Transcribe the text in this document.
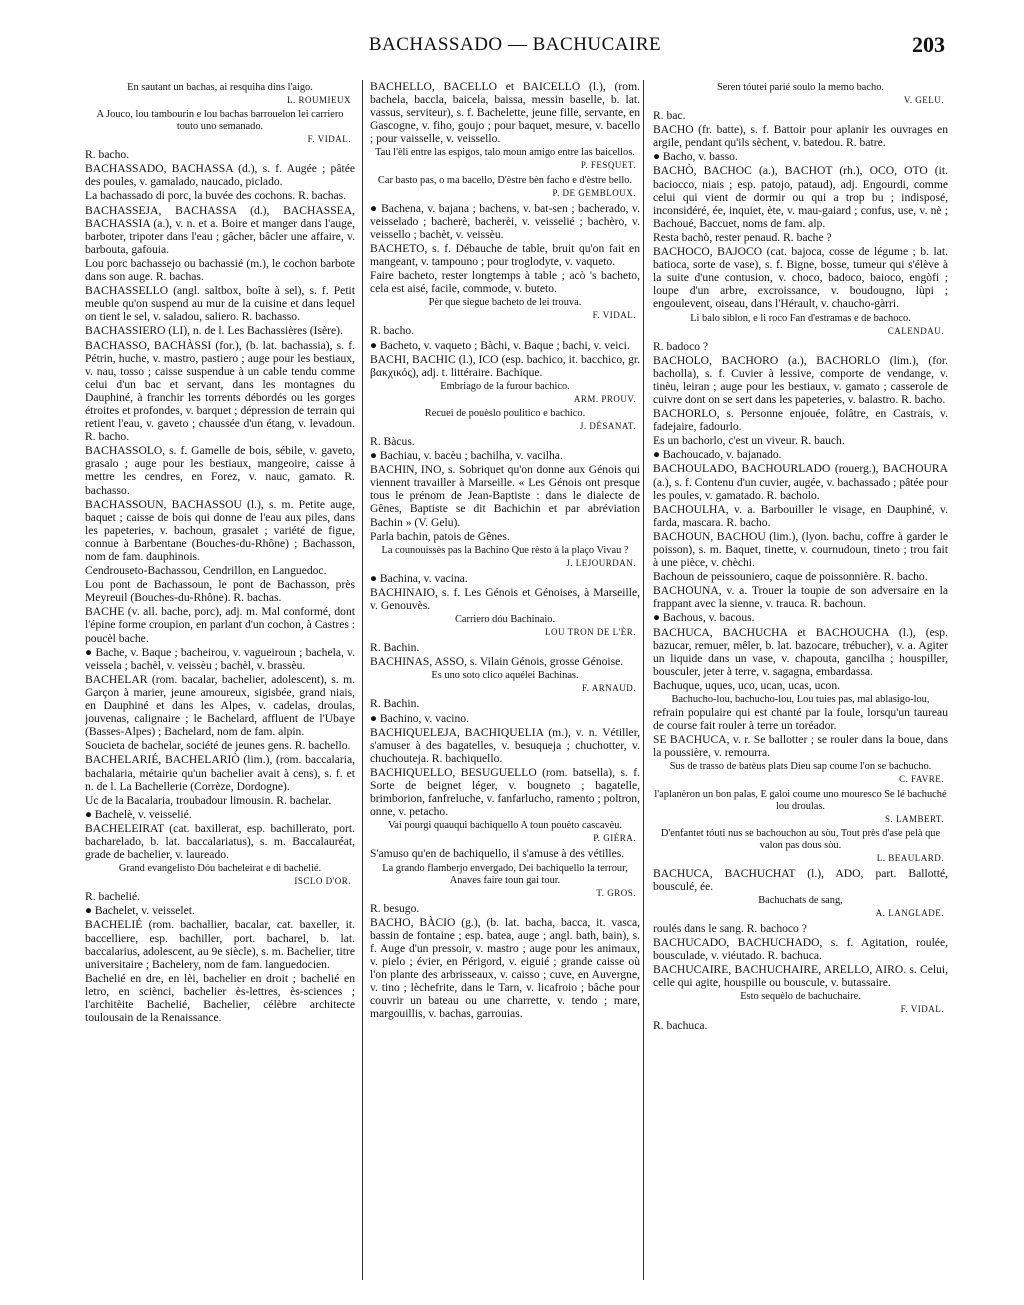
BACHASSADO — BACHUCAIRE	203
En sautant un bachas, ai resquiha dins l'aigo.
L. ROUMIEUX
A Jouco, lou tambourin e lou bachas barrouelon lei carriero touto uno semanado.
F. VIDAL.
R. bacho.
BACHASSADO, BACHASSA (d.), s. f. Augée ; pâtée des poules, v. gamalado, naucado, piclado.
La bachassado di porc, la buvée des cochons. R. bachas.
BACHASSEJA, BACHASSA (d.), BACHASSEA, BACHASSIA (a.), v. n. et a. Boire et manger dans l'auge, barboter, tripoter dans l'eau ; gâcher, bâcler une affaire, v. barbouta, gafouia.
Lou porc bachassejo ou bachassié (m.), le cochon barbote dans son auge. R. bachas.
BACHASSELLO (angl. saltbox, boîte à sel), s. f. Petit meuble qu'on suspend au mur de la cuisine et dans lequel on tient le sel, v. saladou, saliero. R. bachasso.
BACHASSIERO (LI), n. de l. Les Bachassières (Isère).
BACHASSO, BACHÀSSI (for.), (b. lat. bachassia), s. f. Pétrin, huche, v. mastro, pastiero ; auge pour les bestiaux, v. nau, tosso ; caisse suspendue à un cable tendu comme celui d'un bac et servant, dans les montagnes du Dauphiné, à franchir les torrents débordés ou les gorges étroites et profondes, v. barquet ; dépression de terrain qui retient l'eau, v. gaveto ; chaussée d'un étang, v. levadoun. R. bacho.
BACHASSOLO, s. f. Gamelle de bois, sébile, v. gaveto, grasalo ; auge pour les bestiaux, mangeoire, caisse à mettre les cendres, en Forez, v. nauc, gamato. R. bachasso.
BACHASSOUN, BACHASSOU (l.), s. m. Petite auge, baquet ; caisse de bois qui donne de l'eau aux piles, dans les papeteries, v. bachoun, grasalet ; variété de figue, connue à Barbentane (Bouches-du-Rhône) ; Bachasson, nom de fam. dauphinois.
Cendrouseto-Bachassou, Cendrillon, en Languedoc.
Lou pont de Bachassoun, le pont de Bachasson, près Meyreuil (Bouches-du-Rhône). R. bachas.
BACHE (v. all. bache, porc), adj. m. Mal conformé, dont l'épine forme croupion, en parlant d'un cochon, à Castres : poucèl bache.
● Bache, v. Baque ; bacheirou, v. vagueiroun ; bachela, v. veissela ; bachèl, v. veissèu ; bachèl, v. brassèu.
BACHELAR (rom. bacalar, bachelier, adolescent), s. m. Garçon à marier, jeune amoureux, sigisbée, grand niais, en Dauphiné et dans les Alpes, v. cadelas, droulas, jouvenas, calignaire ; le Bachelard, affluent de l'Ubaye (Basses-Alpes) ; Bachelard, nom de fam. alpin.
Soucieta de bachelar, société de jeunes gens. R. bachello.
BACHELARIÉ, BACHELARIÒ (lim.), (rom. baccalaria, bachalaria, métairie qu'un bachelier avait à cens), s. f. et n. de l. La Bachellerie (Corrèze, Dordogne).
Uc de la Bacalaria, troubadour limousin. R. bachelar.
● Bachelè, v. veisselié.
BACHELEIRAT (cat. baxillerat, esp. bachillerato, port. bacharelado, b. lat. baccalariatus), s. m. Baccalauréat, grade de bachelier, v. laureado.
Grand evangelisto Dóu bacheleirat e di bachelié.
ISCLO D'OR.
R. bachelié.
● Bachelet, v. veisselet.
BACHELIÉ (rom. bachallier, bacalar, cat. baxeller, it. baccelliere, esp. bachiller, port. bacharel, b. lat. baccalarius, adolescent, au 9e siècle), s. m. Bachelier, titre universitaire ; Bachelery, nom de fam. languedocien.
Bachelié en dre, en lèi, bachelier en droit ; bachelié en letro, en sciènci, bachelier ès-lettres, ès-sciences ; l'architèite Bachelié, Bachelier, célèbre architecte toulousain de la Renaissance.
BACHELLO, BACELLO et BAICELLO (l.), (rom. bachela, baccla, baicela, baissa, messin baselle, b. lat. vassus, serviteur), s. f. Bachelette, jeune fille, servante, en Gascogne, v. fiho, goujo ; pour baquet, mesure, v. bacello ; pour vaisselle, v. veissello.
Tau l'èli entre las espigos, talo moun amigo entre las baicellos.
P. FESQUET.
Car basto pas, o ma bacello, D'èstre bèn facho e d'èstre bello.
P. DE GEMBLOUX.
● Bachena, v. bajana ; bachens, v. bat-sen ; bacherado, v. veisselado ; bacherè, bacherèi, v. veisselié ; bachèro, v. veissello ; bachèt, v. veissèu.
BACHETO, s. f. Débauche de table, bruit qu'on fait en mangeant, v. tampouno ; pour troglodyte, v. vaqueto.
Faire bacheto, rester longtemps à table ; acò 's bacheto, cela est aisé, facile, commode, v. buteto.
Pèr que siegue bacheto de lei trouva.
F. VIDAL.
R. bacho.
● Bacheto, v. vaqueto ; Bàchi, v. Baque ; bachi, v. veici.
BACHI, BACHIC (l.), ICO (esp. bachico, it. bacchico, gr. βακχικός), adj. t. littéraire. Bachique.
Embriago de la furour bachico.
ARM. PROUV.
Recuei de pouèslo poulitico e bachico.
J. DÉSANAT.
R. Bàcus.
● Bachiau, v. bacèu ; bachilha, v. vacilha.
BACHIN, INO, s. Sobriquet qu'on donne aux Génois qui viennent travailler à Marseille. « Les Génois ont presque tous le prénom de Jean-Baptiste : dans le dialecte de Gênes, Baptiste se dit Bachichin et par abréviation Bachin » (V. Gelu).
Parla bachin, patois de Gênes.
La counouissès pas la Bachino Que rèsto à la plaço Vivau ?
J. LEJOURDAN.
● Bachina, v. vacina.
BACHINAIO, s. f. Les Génois et Génoises, à Marseille, v. Genouvès.
Carriero dóu Bachinaio.
LOU TRON DE L'ÈR.
R. Bachin.
BACHINAS, ASSO, s. Vilain Génois, grosse Génoise.
Es uno soto clico aquélei Bachinas.
F. ARNAUD.
R. Bachin.
● Bachino, v. vacino.
BACHIQUELEJA, BACHIQUELIA (m.), v. n. Vétiller, s'amuser à des bagatelles, v. besuqueja ; chuchotter, v. chuchouteja. R. bachiquello.
BACHIQUELLO, BESUGUELLO (rom. batsella), s. f. Sorte de beignet léger, v. bougneto ; bagatelle, brimborion, fanfreluche, v. fanfarlucho, ramento ; poltron, onne, v. petacho.
Vai pourgi quauqui bachiquello A toun pouèto cascavèu.
P. GIÉRA.
S'amuso qu'en de bachiquello, il s'amuse à des vétilles.
La grando flamberjo envergado, Dei bachiquello la terrour, Anaves faire toun gai tour.
T. GROS.
R. besugo.
BACHO, BÀCIO (g.), (b. lat. bacha, bacca, it. vasca, bassin de fontaine ; esp. batea, auge ; angl. bath, bain), s. f. Auge d'un pressoir, v. mastro ; auge pour les animaux, v. pielo ; évier, en Périgord, v. eiguié ; grande caisse où l'on plante des arbrisseaux, v. caisso ; cuve, en Auvergne, v. tino ; lèchefrite, dans le Tarn, v. licafroio ; bâche pour couvrir un bateau ou une charrette, v. tendo ; mare, margouillis, v. bachas, garrouias.
Seren tóutei parié soulo la memo bacho.
V. GELU.
R. bac.
BACHO (fr. batte), s. f. Battoir pour aplanir les ouvrages en argile, pendant qu'ils sèchent, v. batedou. R. batre.
● Bacho, v. basso.
BACHÒ, BACHOC (a.), BACHOT (rh.), OCO, OTO (it. baciocco, niais ; esp. patojo, pataud), adj. Engourdi, comme celui qui vient de dormir ou qui a trop bu ; indisposé, inconsidéré, ée, inquiet, ète, v. mau-gaiard ; confus, use, v. nè ; Bachoué, Baccuet, noms de fam. alp.
Resta bachò, rester penaud. R. bache ?
BACHOCO, BAJOCO (cat. bajoca, cosse de légume ; b. lat. batioca, sorte de vase), s. f. Bigne, bosse, tumeur qui s'élève à la suite d'une contusion, v. choco, badoco, baioco, engòfi ; loupe d'un arbre, excroissance, v. boudougno, lùpi ; engoulevent, oiseau, dans l'Hérault, v. chaucho-gàrri.
Li balo siblon, e li roco Fan d'estramas e de bachoco.
CALENDAU.
R. badoco ?
BACHOLO, BACHORO (a.), BACHORLO (lim.), (for. bacholla), s. f. Cuvier à lessive, comporte de vendange, v. tinèu, leiran ; auge pour les bestiaux, v. gamato ; casserole de cuivre dont on se sert dans les papeteries, v. balastro. R. bacho.
BACHORLO, s. Personne enjouée, folâtre, en Castrais, v. fadejaire, fadourlo.
Es un bachorlo, c'est un viveur. R. bauch.
● Bachoucado, v. bajanado.
BACHOULADO, BACHOURLADO (rouerg.), BACHOURA (a.), s. f. Contenu d'un cuvier, augée, v. bachassado ; pâtée pour les poules, v. gamatado. R. bacholo.
BACHOULHA, v. a. Barbouiller le visage, en Dauphiné, v. farda, mascara. R. bacho.
BACHOUN, BACHOU (lim.), (lyon. bachu, coffre à garder le poisson), s. m. Baquet, tinette, v. cournudoun, tineto ; trou fait à une pièce, v. chèchi.
Bachoun de peissouniero, caque de poissonnière. R. bacho.
BACHOUNA, v. a. Trouer la toupie de son adversaire en la frappant avec la sienne, v. trauca. R. bachoun.
● Bachous, v. bacous.
BACHUCA, BACHUCHA et BACHOUCHA (l.), (esp. bazucar, remuer, mêler, b. lat. bazocare, trébucher), v. a. Agiter un liquide dans un vase, v. chapouta, gancilha ; houspiller, bousculer, jeter à terre, v. sagagna, embardassa.
Bachuque, uques, uco, ucan, ucas, ucon.
Bachucho-lou, bachucho-lou, Lou tuies pas, mal ablasigo-lou,
refrain populaire qui est chanté par la foule, lorsqu'un taureau de course fait rouler à terre un toréador.
SE BACHUCA, v. r. Se ballotter ; se rouler dans la boue, dans la poussière, v. remourra.
Sus de trasso de batèus plats Dieu sap coume l'on se bachucho.
C. FAVRE.
l'aplanèron un bon palas, E galoi coume uno mouresco Se lé bachuché lou droulas.
S. LAMBERT.
D'enfantet tóuti nus se bachouchon au sòu, Tout près d'ase pelà que valon pas dous sòu.
L. BEAULARD.
BACHUCA, BACHUCHAT (l.), ADO, part. Ballotté, bousculé, ée.
Bachuchats de sang,
A. LANGLADE.
roulés dans le sang. R. bachoco ?
BACHUCADO, BACHUCHADO, s. f. Agitation, roulée, bousculade, v. viéutado. R. bachuca.
BACHUCAIRE, BACHUCHAIRE, ARELLO, AIRO. s. Celui, celle qui agite, houspille ou bouscule, v. butassaire.
Esto sequèlo de bachuchaire.
F. VIDAL.
R. bachuca.
